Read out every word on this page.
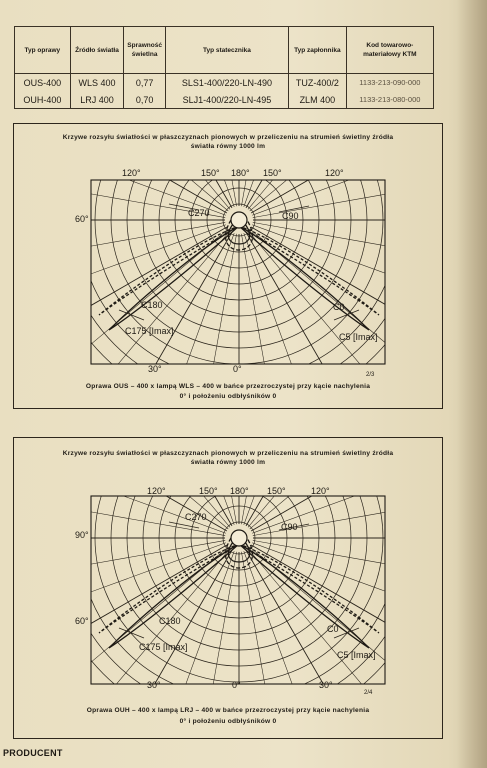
Typ oprawy	Źródło światła	Sprawność świetlna	Typ statecznika	Typ zapłonnika	Kod towarowo-materiałowy KTM
OUS-400	WLS 400	0,77	SLS1-400/220-LN-490	TUZ-400/2	1133-213-090-000
OUH-400	LRJ 400	0,70	SLJ1-400/220-LN-495	ZLM 400	1133-213-080-000
Krzywe rozsyłu światłości w płaszczyznach pionowych w przeliczeniu na strumień świetlny źródła
światła równy 1000 lm
120°	150° 180° 150°	120°
60°
30°	0°
C270	C90
C180
C175 [Imax]
C0
C5 [Imax]
2/3
Oprawa OUS – 400 x lampą WLS – 400 w bańce przezroczystej przy kącie nachylenia
0° i położeniu odbłyśników 0
Krzywe rozsyłu światłości w płaszczyznach pionowych w przeliczeniu na strumień świetlny źródła
światła równy 1000 lm
120°	150° 180° 150°	120°
90°
60°
30°	0°	30°
C270
C90
C180
C175 [Imax]
C0
C5 [Imax]
2/4
Oprawa OUH – 400 x lampą LRJ – 400 w bańce przezroczystej przy kącie nachylenia
0° i położeniu odbłyśników 0
PRODUCENT
